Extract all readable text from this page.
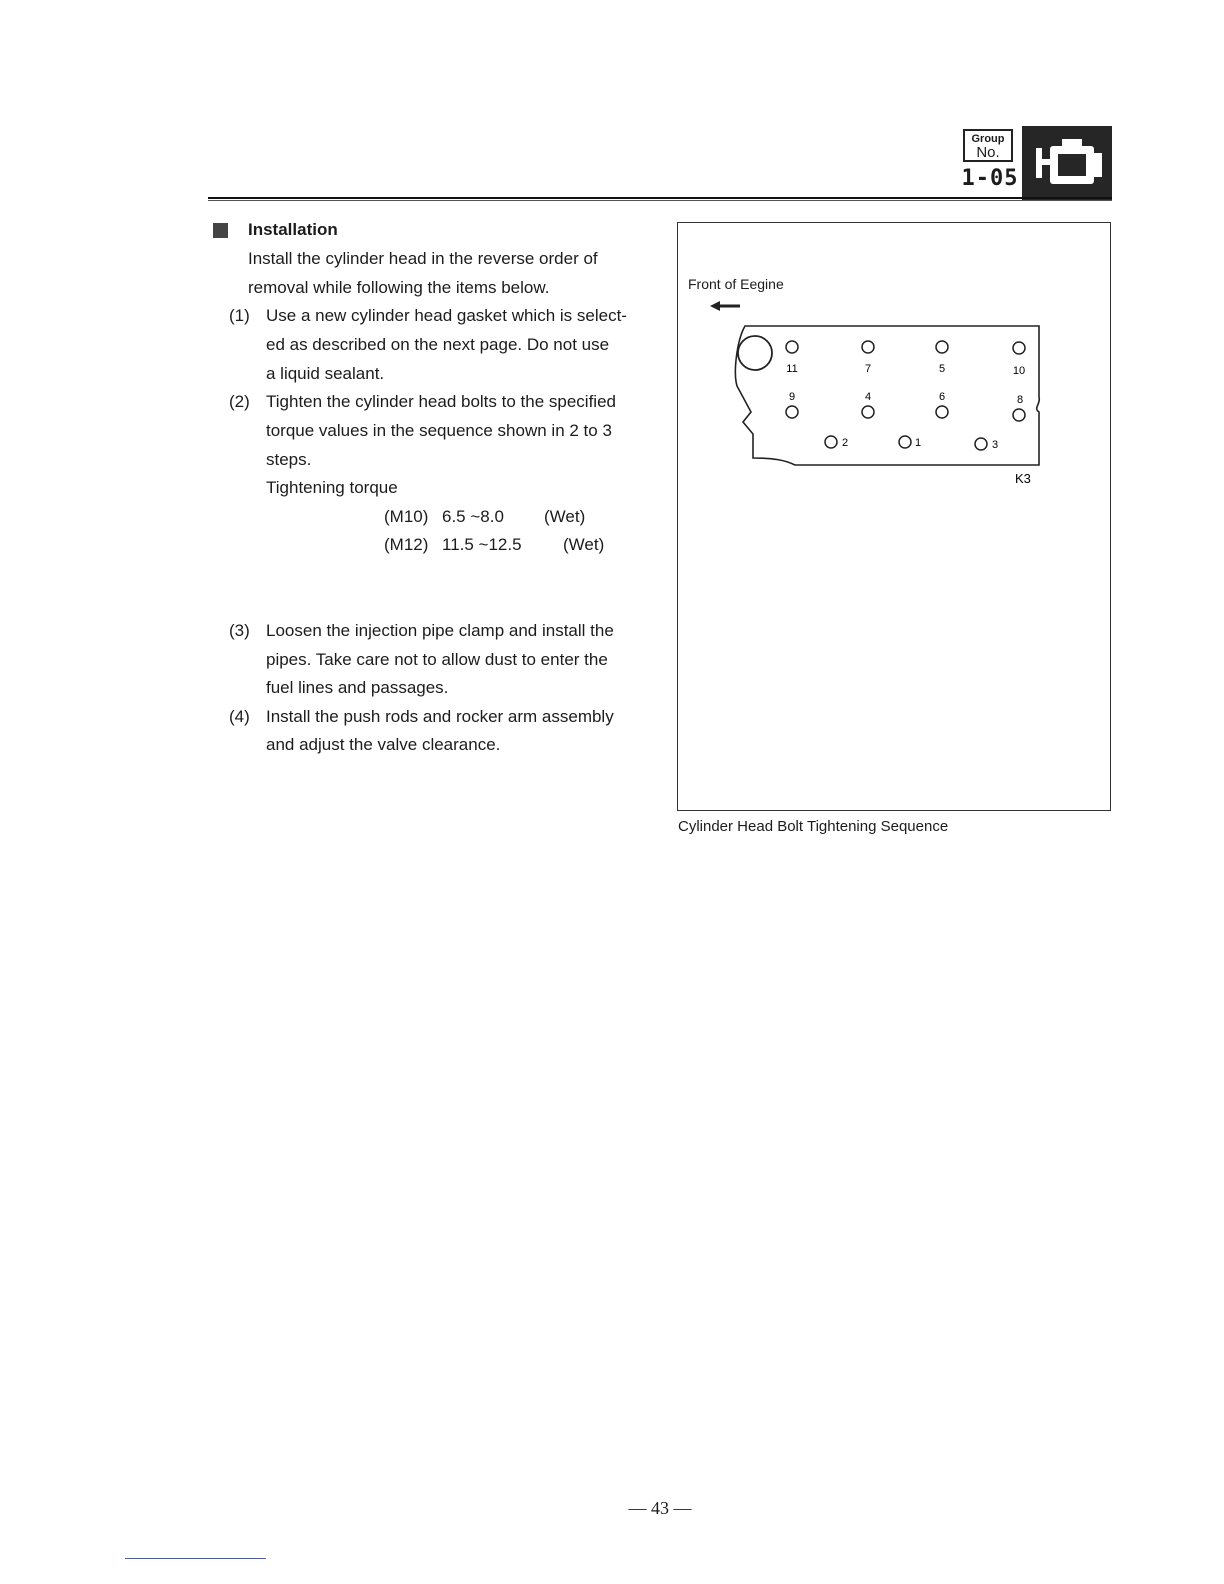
Group
No.
1-05
Installation
Install the cylinder head in the reverse order of
removal while following the items below.
(1) Use a new cylinder head gasket which is select-
ed as described on the next page. Do not use
a liquid sealant.
(2) Tighten the cylinder head bolts to the specified
torque values in the sequence shown in 2 to 3
steps.
Tightening torque
(M10) 6.5 ~8.0 (Wet)
(M12) 11.5 ~12.5 (Wet)
(3) Loosen the injection pipe clamp and install the
pipes. Take care not to allow dust to enter the
fuel lines and passages.
(4) Install the push rods and rocker arm assembly
and adjust the valve clearance.
Front of Eegine
11	7	5	10
9	4	6	8
2	1	3
K3
Cylinder Head Bolt Tightening Sequence
— 43 —
